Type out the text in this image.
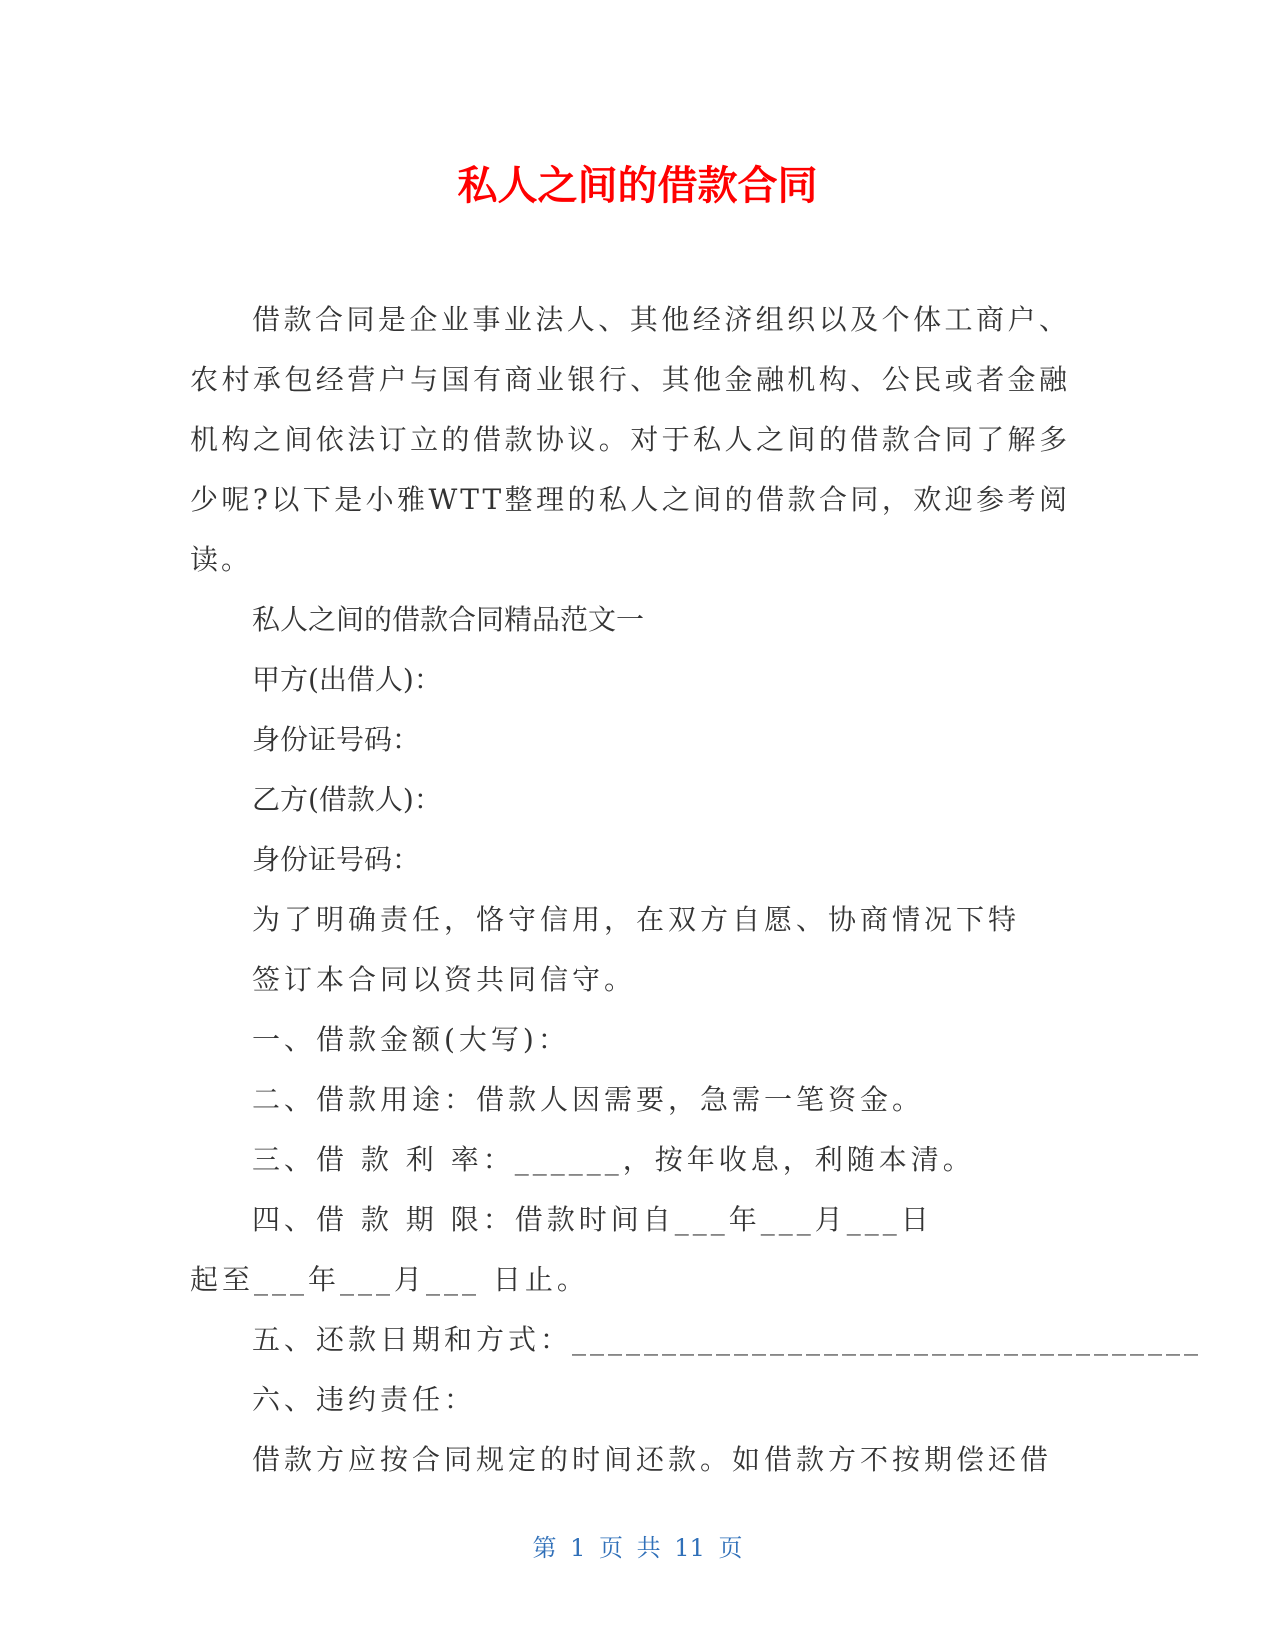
私人之间的借款合同

借款合同是企业事业法人、其他经济组织以及个体工商户、农村承包经营户与国有商业银行、其他金融机构、公民或者金融机构之间依法订立的借款协议。对于私人之间的借款合同了解多少呢?以下是小雅WTT整理的私人之间的借款合同，欢迎参考阅读。

私人之间的借款合同精品范文一

甲方(出借人)：

身份证号码：

乙方(借款人)：

身份证号码：

为了明确责任，恪守信用，在双方自愿、协商情况下特

签订本合同以资共同信守。

一、借款金额(大写)：

二、借款用途：借款人因需要，急需一笔资金。

三、借 款 利 率：______，按年收息，利随本清。

四、借 款 期 限：借款时间自___年___月___日

起至___年___月___ 日止。

五、还款日期和方式：___________________________________

六、违约责任：

借款方应按合同规定的时间还款。如借款方不按期偿还借

第 1 页 共 11 页
